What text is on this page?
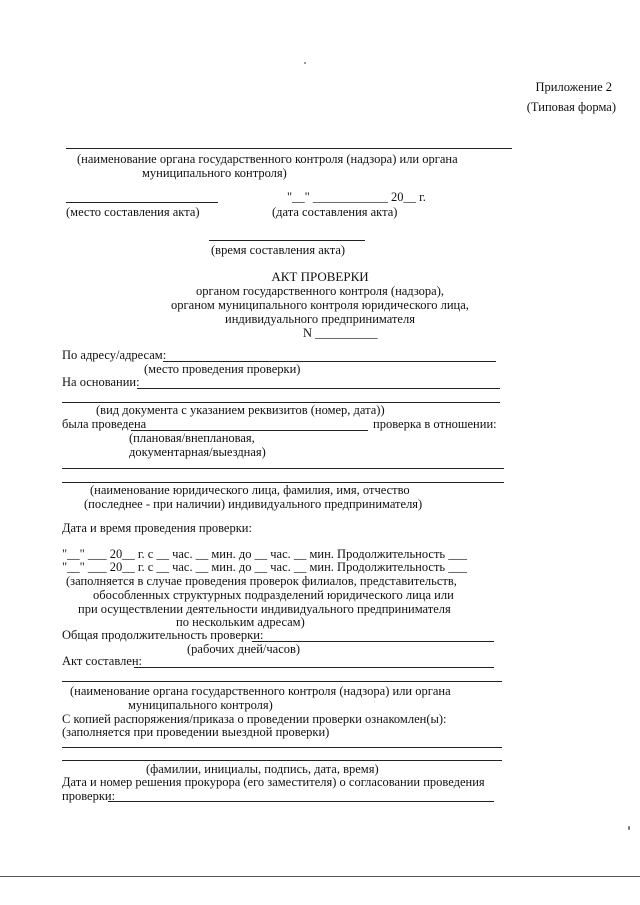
Приложение 2
(Типовая форма)
(наименование органа государственного контроля (надзора) или органа
муниципального контроля)
(место составления акта)
"__" ____________ 20__ г.
(дата составления акта)
(время составления акта)
АКТ ПРОВЕРКИ
органом государственного контроля (надзора),
органом муниципального контроля юридического лица,
индивидуального предпринимателя
N __________
По адресу/адресам:
(место проведения проверки)
На основании:
(вид документа с указанием реквизитов (номер, дата))
была проведена	проверка в отношении:
(плановая/внеплановая,
документарная/выездная)
(наименование юридического лица, фамилия, имя, отчество
(последнее - при наличии) индивидуального предпринимателя)
Дата и время проведения проверки:
"__" ___ 20__ г. с __ час. __ мин. до __ час. __ мин. Продолжительность ___
"__" ___ 20__ г. с __ час. __ мин. до __ час. __ мин. Продолжительность ___
(заполняется в случае проведения проверок филиалов, представительств,
обособленных структурных подразделений юридического лица или
при осуществлении деятельности индивидуального предпринимателя
по нескольким адресам)
Общая продолжительность проверки:
(рабочих дней/часов)
Акт составлен:
(наименование органа государственного контроля (надзора) или органа
муниципального контроля)
С копией распоряжения/приказа о проведении проверки ознакомлен(ы):
(заполняется при проведении выездной проверки)
(фамилии, инициалы, подпись, дата, время)
Дата и номер решения прокурора (его заместителя) о согласовании проведения
проверки:
